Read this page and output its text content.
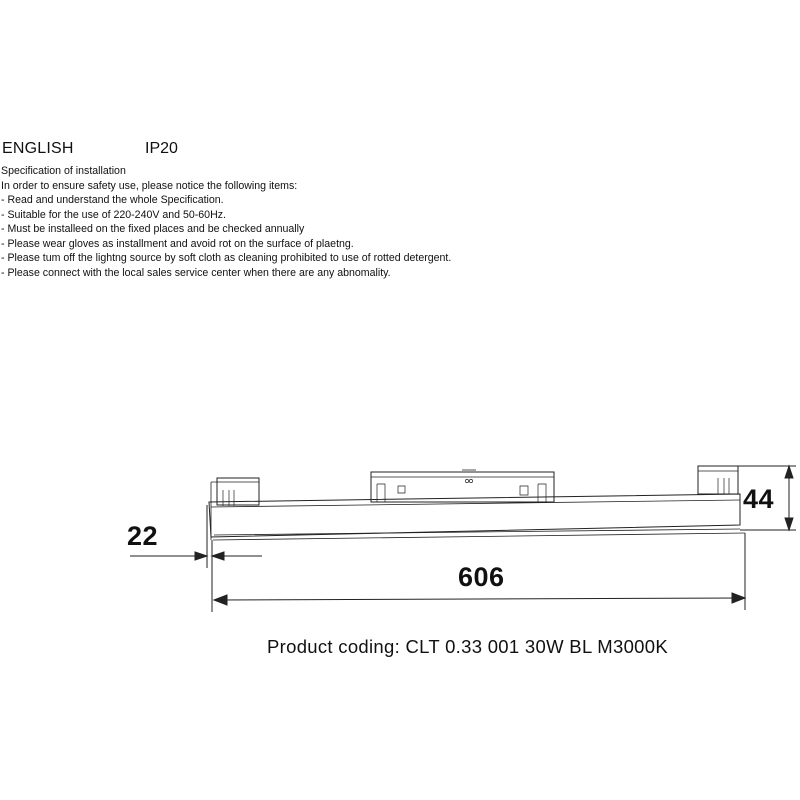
ENGLISH	IP20
Specification of installation
In order to ensure safety use, please notice the following items:
- Read and understand the whole Specification.
- Suitable for the use of 220-240V and 50-60Hz.
- Must be installeed on the fixed places and be checked annually
- Please wear gloves as installment and avoid rot on the surface of plaetng.
- Please tum off the lightng source by soft cloth as cleaning prohibited to use of rotted detergent.
- Please connect with the local sales service center when there are any abnomality.
44
22
606
Product coding: CLT 0.33 001 30W BL M3000K
